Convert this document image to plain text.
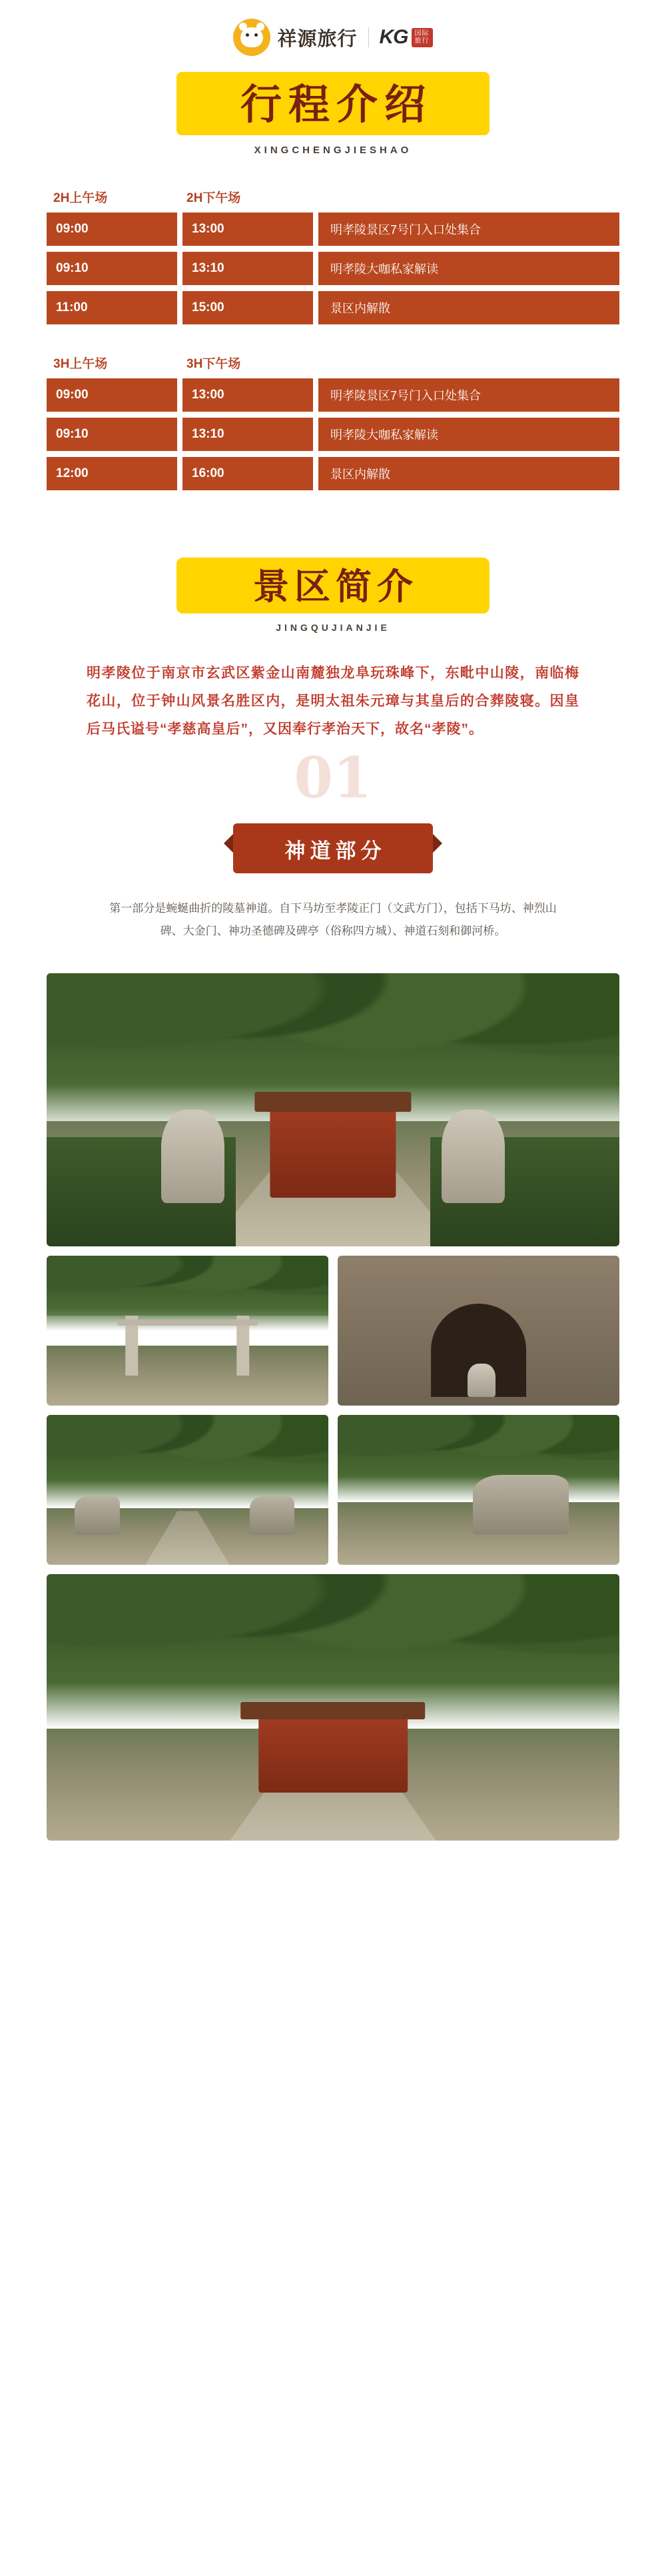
祥源旅行 KG	国际
旅行
行程介绍
XINGCHENGJIESHAO
2H上午场	2H下午场
09:00	13:00	明孝陵景区7号门入口处集合
09:10	13:10	明孝陵大咖私家解读
11:00	15:00	景区内解散
3H上午场	3H下午场
09:00	13:00	明孝陵景区7号门入口处集合
09:10	13:10	明孝陵大咖私家解读
12:00	16:00	景区内解散
景区简介
JINGQUJIANJIE
明孝陵位于南京市玄武区紫金山南麓独龙阜玩珠峰下，东毗中山陵，南临梅花山，位于钟山风景名胜区内，是明太祖朱元璋与其皇后的合葬陵寝。因皇后马氏谥号“孝慈高皇后”，又因奉行孝治天下，故名“孝陵”。
01
神道部分
第一部分是蜿蜒曲折的陵墓神道。自下马坊至孝陵正门（文武方门），包括下马坊、神烈山碑、大金门、神功圣德碑及碑亭（俗称四方城）、神道石刻和御河桥。
